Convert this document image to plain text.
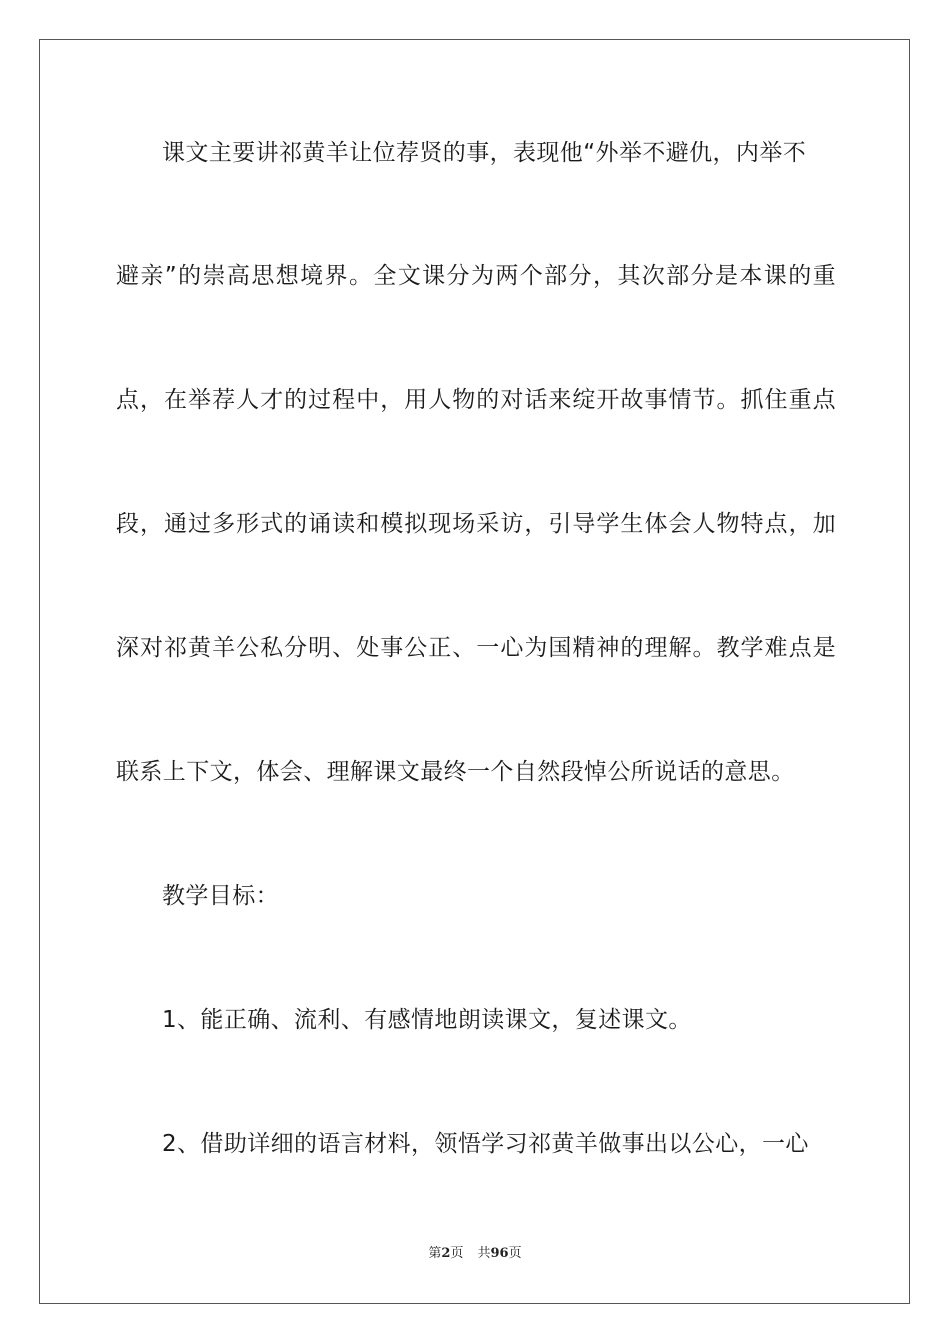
课文主要讲祁黄羊让位荐贤的事，表现他“外举不避仇，内举不
避亲”的崇高思想境界。全文课分为两个部分，其次部分是本课的重
点，在举荐人才的过程中，用人物的对话来绽开故事情节。抓住重点
段，通过多形式的诵读和模拟现场采访，引导学生体会人物特点，加
深对祁黄羊公私分明、处事公正、一心为国精神的理解。教学难点是
联系上下文，体会、理解课文最终一个自然段悼公所说话的意思。
教学目标：
1、能正确、流利、有感情地朗读课文，复述课文。
2、借助详细的语言材料，领悟学习祁黄羊做事出以公心，一心
第2页 共96页
